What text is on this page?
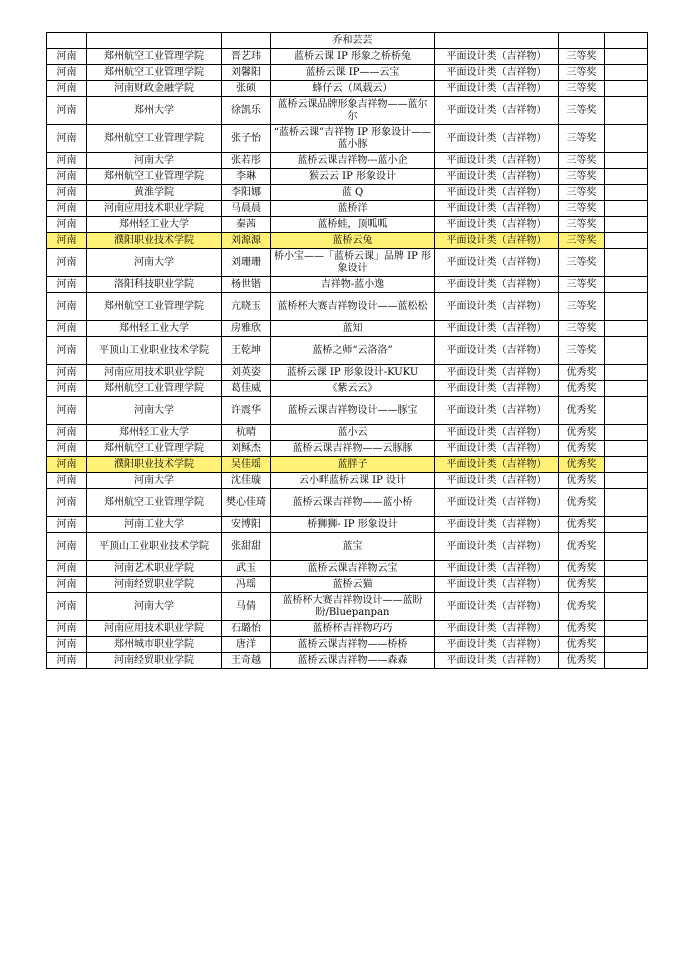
			乔和芸芸			
河南	郑州航空工业管理学院	晋艺玮	蓝桥云课 IP 形象之桥桥兔	平面设计类（吉祥物）	三等奖	
河南	郑州航空工业管理学院	刘馨阳	蓝桥云课 IP——云宝	平面设计类（吉祥物）	三等奖	
河南	河南财政金融学院	张硕	蜂仔云（凤载云）	平面设计类（吉祥物）	三等奖	
河南	郑州大学	徐凯乐	蓝桥云课品牌形象吉祥物——蓝尔尔	平面设计类（吉祥物）	三等奖	
河南	郑州航空工业管理学院	张子怡	“蓝桥云课”吉祥物 IP 形象设计——蓝小豚	平面设计类（吉祥物）	三等奖	
河南	河南大学	张若彤	蓝桥云课吉祥物---蓝小企	平面设计类（吉祥物）	三等奖	
河南	郑州航空工业管理学院	李琳	猴云云 IP 形象设计	平面设计类（吉祥物）	三等奖	
河南	黄淮学院	李阳娜	蓝 Q	平面设计类（吉祥物）	三等奖	
河南	河南应用技术职业学院	马晨晨	蓝桥洋	平面设计类（吉祥物）	三等奖	
河南	郑州轻工业大学	秦茜	蓝桥蛙，顶呱呱	平面设计类（吉祥物）	三等奖	
河南	濮阳职业技术学院	刘源源	蓝桥云兔	平面设计类（吉祥物）	三等奖	
河南	河南大学	刘珊珊	桥小宝——「蓝桥云课」品牌 IP 形象设计	平面设计类（吉祥物）	三等奖	
河南	洛阳科技职业学院	杨世锴	吉祥物-蓝小逸	平面设计类（吉祥物）	三等奖	
河南	郑州航空工业管理学院	亢晓玉	蓝桥杯大赛吉祥物设计——蓝松松	平面设计类（吉祥物）	三等奖	
河南	郑州轻工业大学	房雅欣	蓝知	平面设计类（吉祥物）	三等奖	
河南	平顶山工业职业技术学院	王乾坤	蓝桥之师“云洛洛”	平面设计类（吉祥物）	三等奖	
河南	河南应用技术职业学院	刘英姿	蓝桥云课 IP 形象设计-KUKU	平面设计类（吉祥物）	优秀奖	
河南	郑州航空工业管理学院	葛佳威	《紫云云》	平面设计类（吉祥物）	优秀奖	
河南	河南大学	许震华	蓝桥云课吉祥物设计——豚宝	平面设计类（吉祥物）	优秀奖	
河南	郑州轻工业大学	杭晴	蓝小云	平面设计类（吉祥物）	优秀奖	
河南	郑州航空工业管理学院	刘稣杰	蓝桥云课吉祥物——云豚豚	平面设计类（吉祥物）	优秀奖	
河南	濮阳职业技术学院	吴佳瑶	蓝胖子	平面设计类（吉祥物）	优秀奖	
河南	河南大学	沈佳璇	云小畔蓝桥云课 IP 设计	平面设计类（吉祥物）	优秀奖	
河南	郑州航空工业管理学院	樊心佳琦	蓝桥云课吉祥物——蓝小桥	平面设计类（吉祥物）	优秀奖	
河南	河南工业大学	安博阳	桥狮狮- IP 形象设计	平面设计类（吉祥物）	优秀奖	
河南	平顶山工业职业技术学院	张甜甜	蓝宝	平面设计类（吉祥物）	优秀奖	
河南	河南艺术职业学院	武玉	蓝桥云课吉祥物云宝	平面设计类（吉祥物）	优秀奖	
河南	河南经贸职业学院	冯瑶	蓝桥云猫	平面设计类（吉祥物）	优秀奖	
河南	河南大学	马倩	蓝桥杯大赛吉祥物设计——蓝盼盼/Bluepanpan	平面设计类（吉祥物）	优秀奖	
河南	河南应用技术职业学院	石璐怡	蓝桥杯吉祥物巧巧	平面设计类（吉祥物）	优秀奖	
河南	郑州城市职业学院	唐洋	蓝桥云课吉祥物——桥桥	平面设计类（吉祥物）	优秀奖	
河南	河南经贸职业学院	王奇越	蓝桥云课吉祥物——森森	平面设计类（吉祥物）	优秀奖	
